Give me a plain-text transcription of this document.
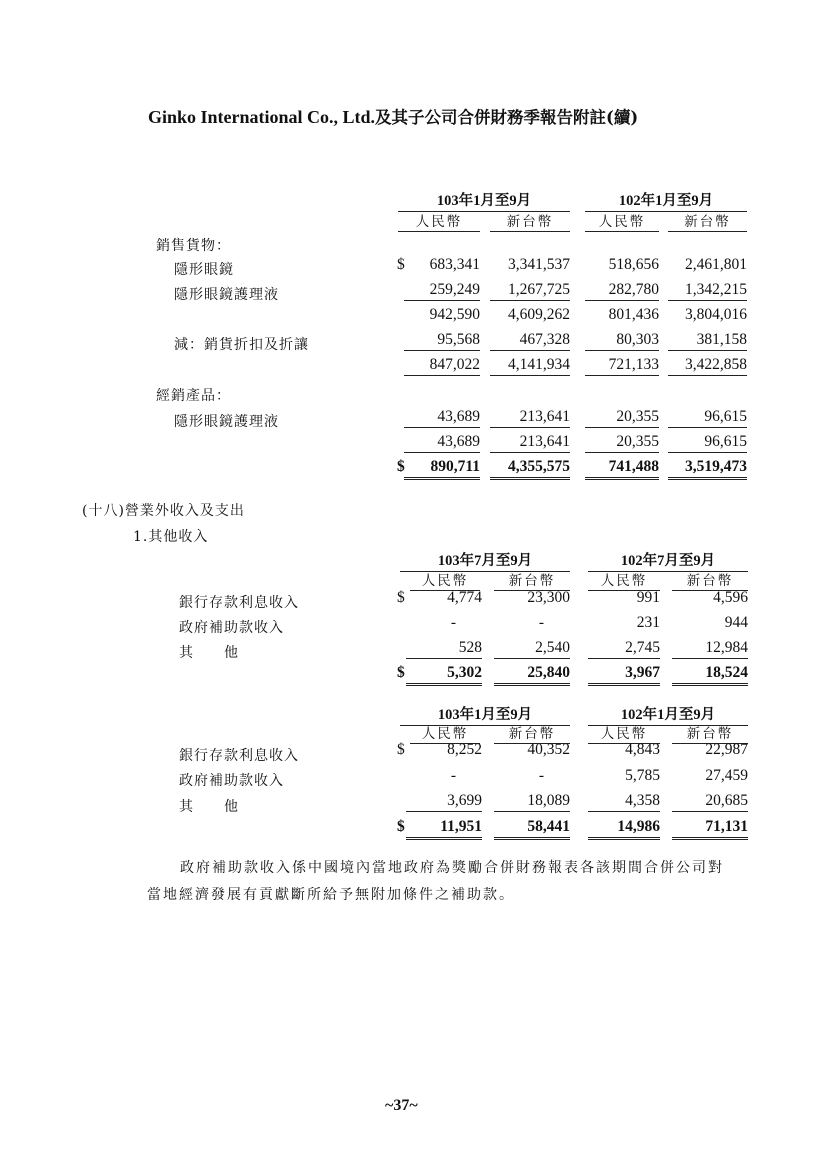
Ginko International Co., Ltd.及其子公司合併財務季報告附註(續)
103年1月至9月	102年1月至9月
人民幣	新台幣	人民幣	新台幣
銷售貨物：
隱形眼鏡	$	683,341	3,341,537	518,656	2,461,801
隱形眼鏡護理液	259,249	1,267,725	282,780	1,342,215
942,590	4,609,262	801,436	3,804,016
減：銷貨折扣及折讓	95,568	467,328	80,303	381,158
847,022	4,141,934	721,133	3,422,858
經銷產品：
隱形眼鏡護理液	43,689	213,641	20,355	96,615
43,689	213,641	20,355	96,615
$	890,711	4,355,575	741,488	3,519,473
(十八)營業外收入及支出
1.其他收入
103年7月至9月	102年7月至9月
人民幣	新台幣	人民幣	新台幣
銀行存款利息收入	$	4,774	23,300	991	4,596
政府補助款收入	-	-	231	944
其　　他	528	2,540	2,745	12,984
$	5,302	25,840	3,967	18,524
103年1月至9月	102年1月至9月
人民幣	新台幣	人民幣	新台幣
銀行存款利息收入	$	8,252	40,352	4,843	22,987
政府補助款收入	-	-	5,785	27,459
其　　他	3,699	18,089	4,358	20,685
$	11,951	58,441	14,986	71,131
政府補助款收入係中國境內當地政府為獎勵合併財務報表各該期間合併公司對
當地經濟發展有貢獻斷所給予無附加條件之補助款。
~37~
